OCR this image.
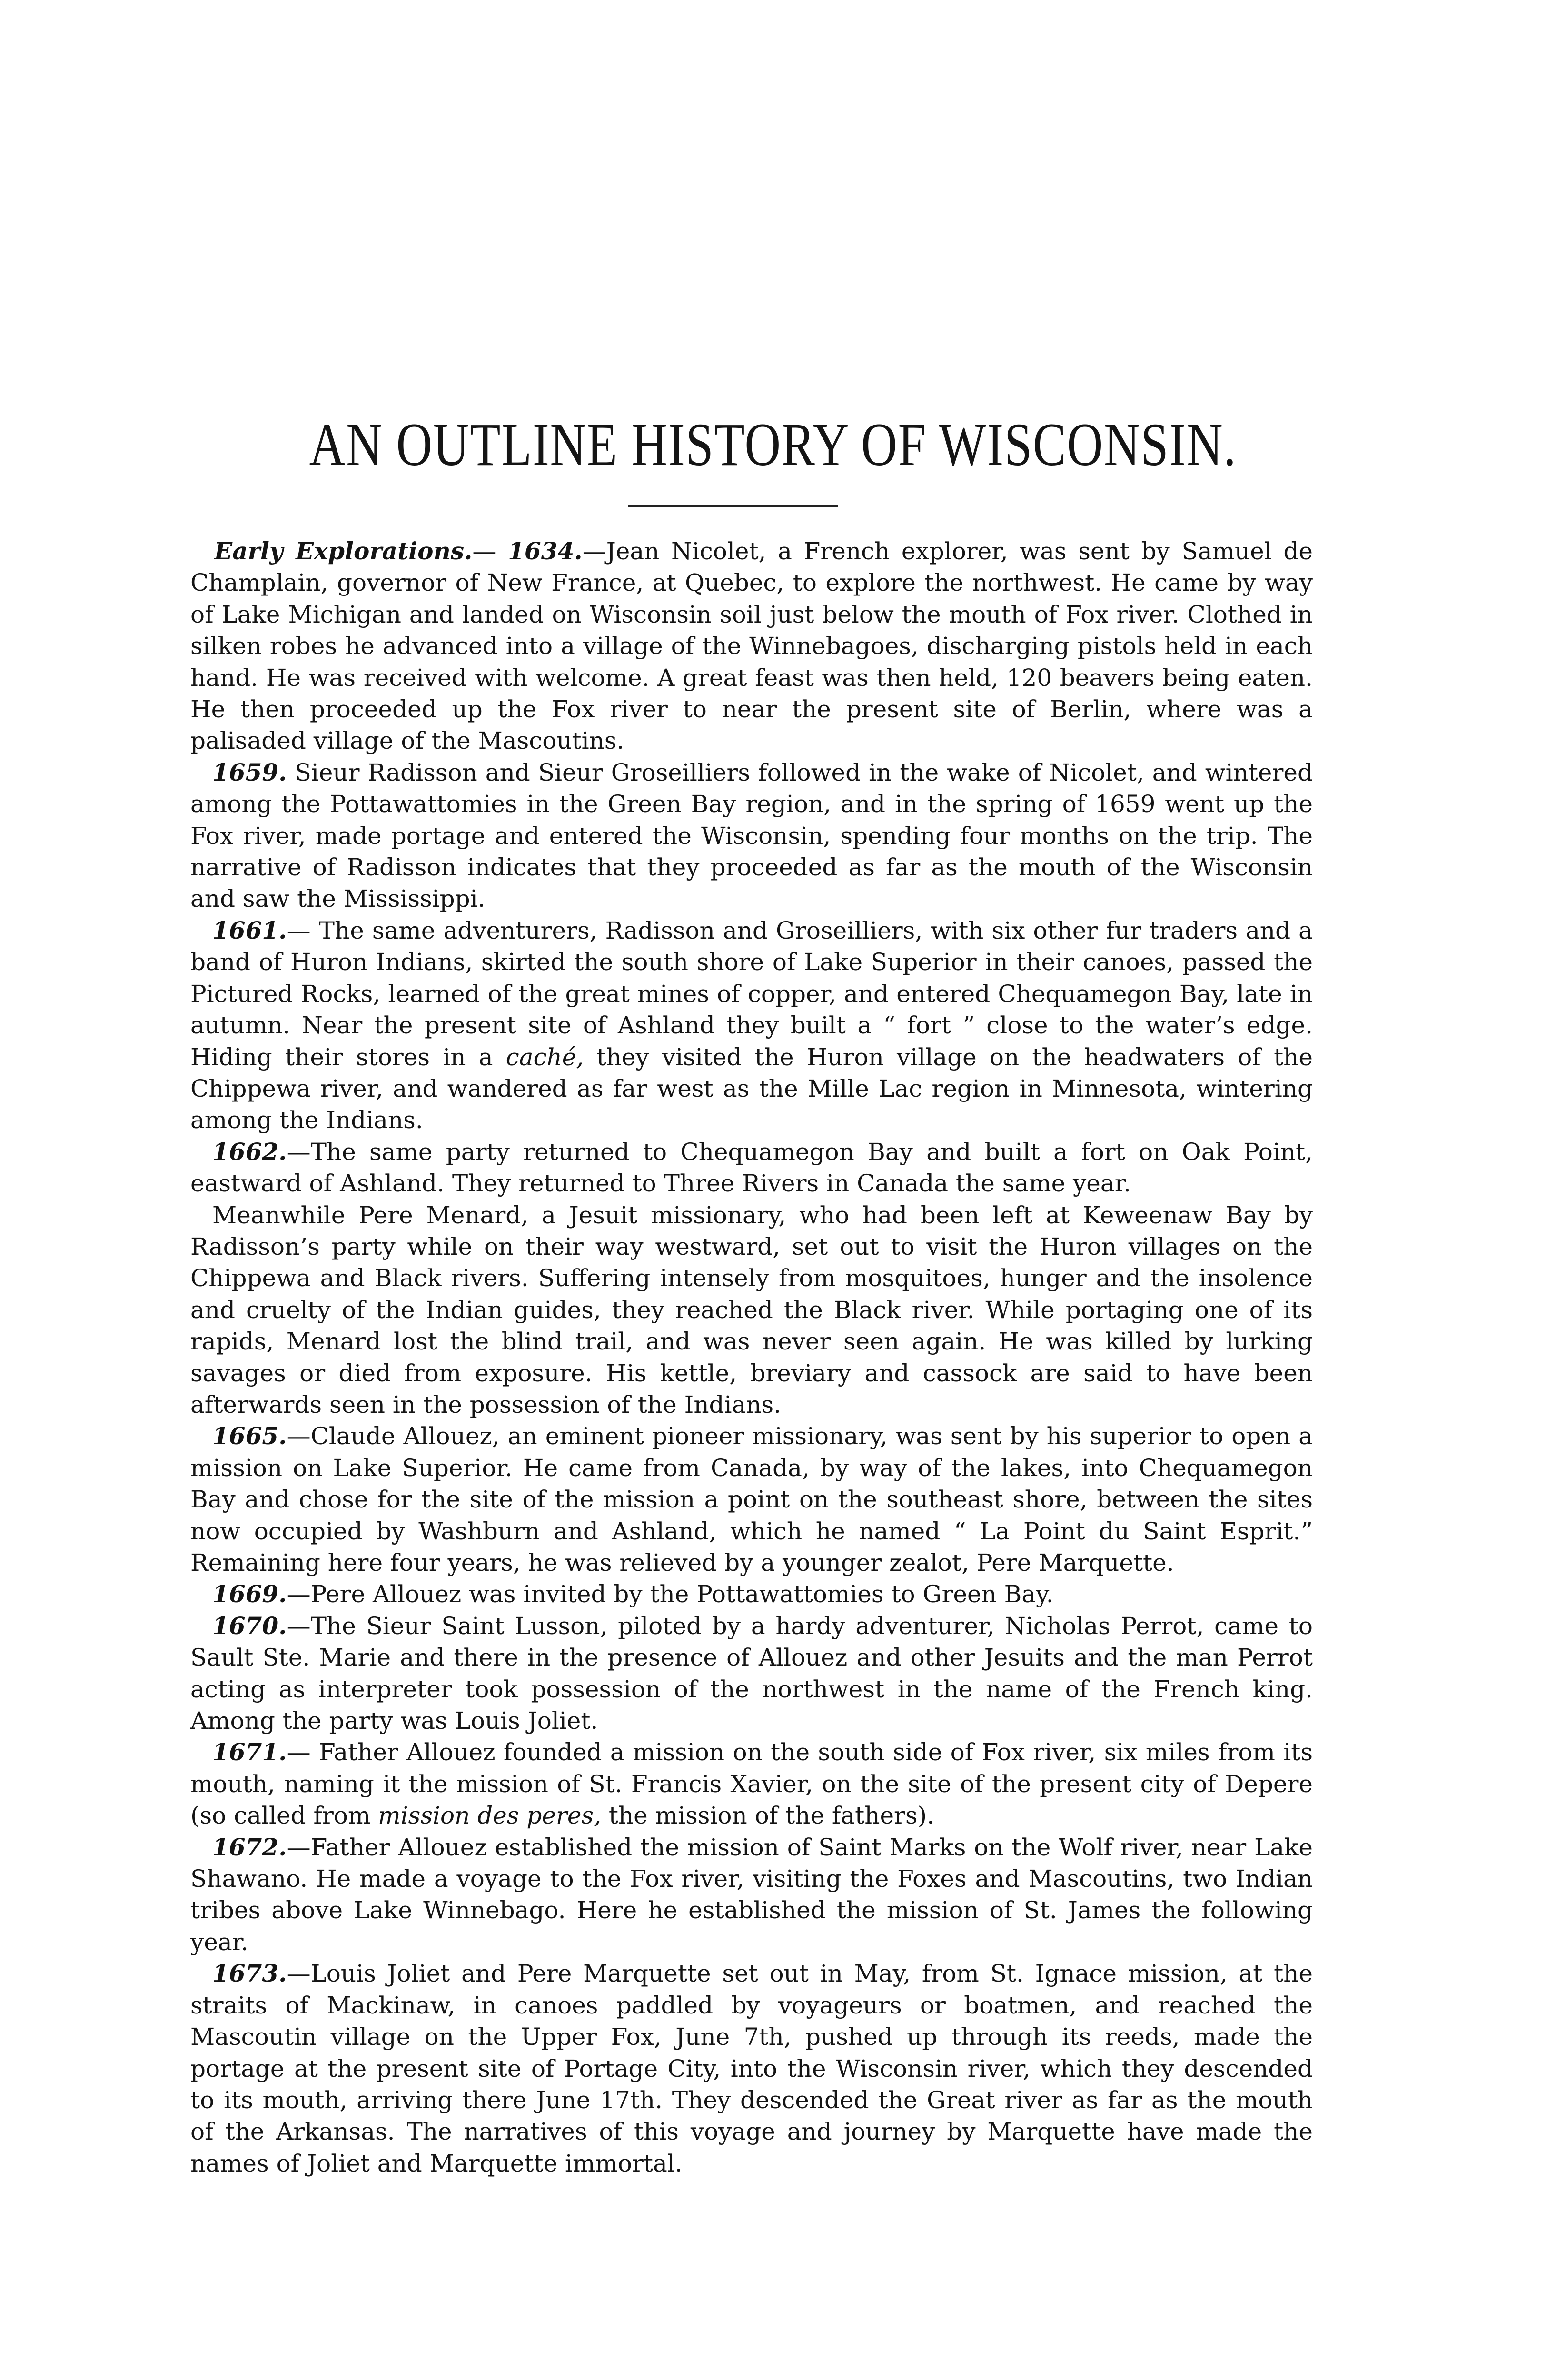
AN OUTLINE HISTORY OF WISCONSIN.

Early Explorations.— 1634.—Jean Nicolet, a French explorer, was sent by Samuel de Champlain, governor of New France, at Quebec, to explore the northwest. He came by way of Lake Michigan and landed on Wisconsin soil just below the mouth of Fox river. Clothed in silken robes he advanced into a village of the Winnebagoes, discharging pistols held in each hand. He was received with welcome. A great feast was then held, 120 beavers being eaten. He then proceeded up the Fox river to near the present site of Berlin, where was a palisaded village of the Mascoutins.

1659. Sieur Radisson and Sieur Groseilliers followed in the wake of Nicolet, and wintered among the Pottawattomies in the Green Bay region, and in the spring of 1659 went up the Fox river, made portage and entered the Wisconsin, spending four months on the trip. The narrative of Radisson indicates that they proceeded as far as the mouth of the Wisconsin and saw the Mississippi.

1661.— The same adventurers, Radisson and Groseilliers, with six other fur traders and a band of Huron Indians, skirted the south shore of Lake Superior in their canoes, passed the Pictured Rocks, learned of the great mines of copper, and entered Chequamegon Bay, late in autumn. Near the present site of Ashland they built a “ fort ” close to the water’s edge. Hiding their stores in a caché, they visited the Huron village on the headwaters of the Chippewa river, and wandered as far west as the Mille Lac region in Minnesota, wintering among the Indians.

1662.—The same party returned to Chequamegon Bay and built a fort on Oak Point, eastward of Ashland. They returned to Three Rivers in Canada the same year.

Meanwhile Pere Menard, a Jesuit missionary, who had been left at Keweenaw Bay by Radisson’s party while on their way westward, set out to visit the Huron villages on the Chippewa and Black rivers. Suffering intensely from mosquitoes, hunger and the insolence and cruelty of the Indian guides, they reached the Black river. While portaging one of its rapids, Menard lost the blind trail, and was never seen again. He was killed by lurking savages or died from exposure. His kettle, breviary and cassock are said to have been afterwards seen in the possession of the Indians.

1665.—Claude Allouez, an eminent pioneer missionary, was sent by his superior to open a mission on Lake Superior. He came from Canada, by way of the lakes, into Chequamegon Bay and chose for the site of the mission a point on the southeast shore, between the sites now occupied by Washburn and Ashland, which he named “ La Point du Saint Esprit.” Remaining here four years, he was relieved by a younger zealot, Pere Marquette.

1669.—Pere Allouez was invited by the Pottawattomies to Green Bay.

1670.—The Sieur Saint Lusson, piloted by a hardy adventurer, Nicholas Perrot, came to Sault Ste. Marie and there in the presence of Allouez and other Jesuits and the man Perrot acting as interpreter took possession of the northwest in the name of the French king. Among the party was Louis Joliet.

1671.— Father Allouez founded a mission on the south side of Fox river, six miles from its mouth, naming it the mission of St. Francis Xavier, on the site of the present city of Depere (so called from mission des peres, the mission of the fathers).

1672.—Father Allouez established the mission of Saint Marks on the Wolf river, near Lake Shawano. He made a voyage to the Fox river, visiting the Foxes and Mascoutins, two Indian tribes above Lake Winnebago. Here he established the mission of St. James the following year.

1673.—Louis Joliet and Pere Marquette set out in May, from St. Ignace mission, at the straits of Mackinaw, in canoes paddled by voyageurs or boatmen, and reached the Mascoutin village on the Upper Fox, June 7th, pushed up through its reeds, made the portage at the present site of Portage City, into the Wisconsin river, which they descended to its mouth, arriving there June 17th. They descended the Great river as far as the mouth of the Arkansas. The narratives of this voyage and journey by Marquette have made the names of Joliet and Marquette immortal.
